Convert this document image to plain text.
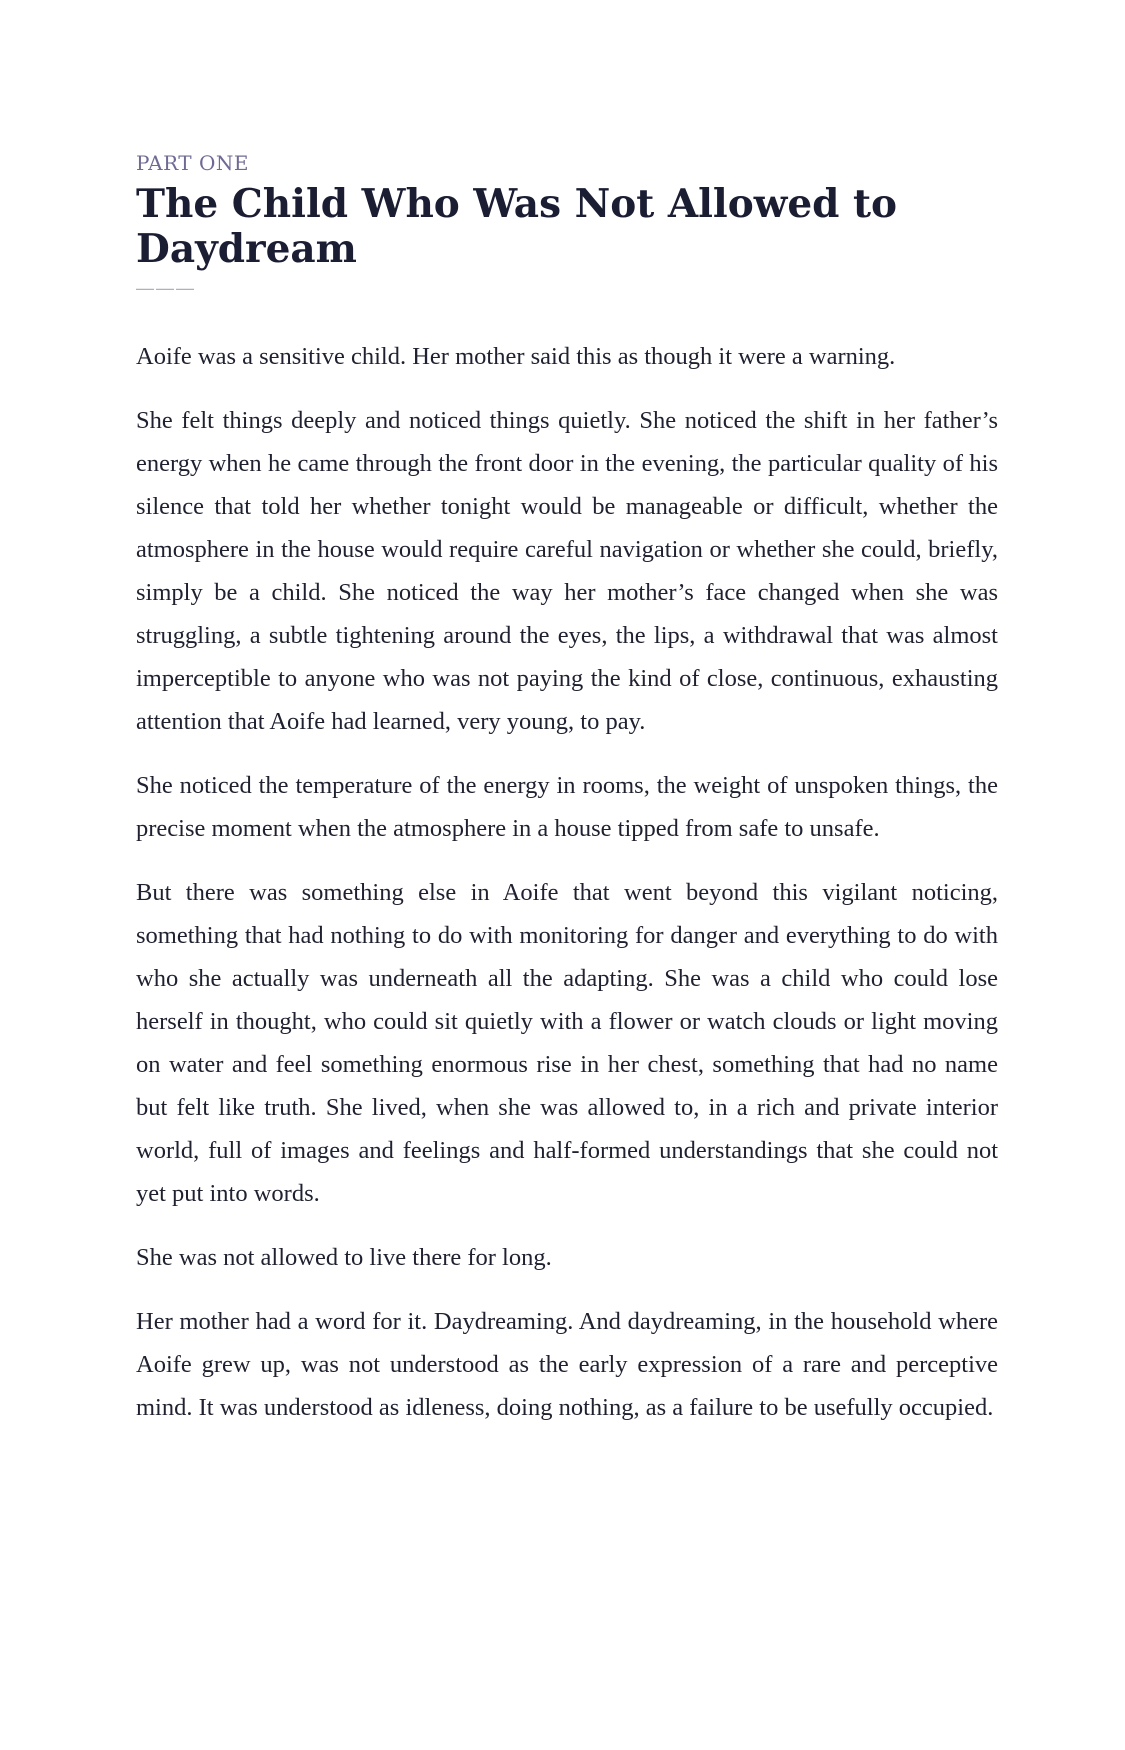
PART ONE

The Child Who Was Not Allowed to Daydream

———

Aoife was a sensitive child. Her mother said this as though it were a warning.

She felt things deeply and noticed things quietly. She noticed the shift in her father’s energy when he came through the front door in the evening, the particular quality of his silence that told her whether tonight would be manageable or difficult, whether the atmosphere in the house would require careful navigation or whether she could, briefly, simply be a child. She noticed the way her mother’s face changed when she was struggling, a subtle tightening around the eyes, the lips, a withdrawal that was almost imperceptible to anyone who was not paying the kind of close, continuous, exhausting attention that Aoife had learned, very young, to pay.

She noticed the temperature of the energy in rooms, the weight of unspoken things, the precise moment when the atmosphere in a house tipped from safe to unsafe.

But there was something else in Aoife that went beyond this vigilant noticing, something that had nothing to do with monitoring for danger and everything to do with who she actually was underneath all the adapting. She was a child who could lose herself in thought, who could sit quietly with a flower or watch clouds or light moving on water and feel something enormous rise in her chest, something that had no name but felt like truth. She lived, when she was allowed to, in a rich and private interior world, full of images and feelings and half-formed understandings that she could not yet put into words.

She was not allowed to live there for long.

Her mother had a word for it. Daydreaming. And daydreaming, in the household where Aoife grew up, was not understood as the early expression of a rare and perceptive mind. It was understood as idleness, doing nothing, as a failure to be usefully occupied.
